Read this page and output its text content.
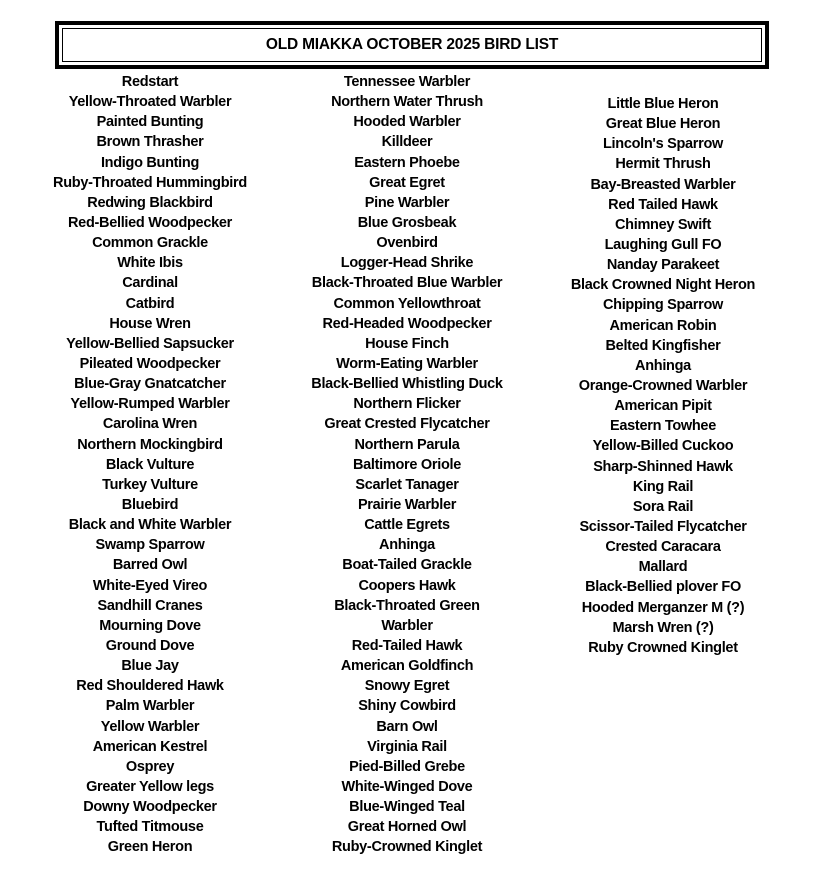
OLD MIAKKA OCTOBER 2025 BIRD LIST
Redstart
Yellow-Throated Warbler
Painted Bunting
Brown Thrasher
Indigo Bunting
Ruby-Throated Hummingbird
Redwing Blackbird
Red-Bellied Woodpecker
Common Grackle
White Ibis
Cardinal
Catbird
House Wren
Yellow-Bellied Sapsucker
Pileated Woodpecker
Blue-Gray Gnatcatcher
Yellow-Rumped Warbler
Carolina Wren
Northern Mockingbird
Black Vulture
Turkey Vulture
Bluebird
Black and White Warbler
Swamp Sparrow
Barred Owl
White-Eyed Vireo
Sandhill Cranes
Mourning Dove
Ground Dove
Blue Jay
Red Shouldered Hawk
Palm Warbler
Yellow Warbler
American Kestrel
Osprey
Greater Yellow legs
Downy Woodpecker
Tufted Titmouse
Green Heron
Tennessee Warbler
Northern Water Thrush
Hooded Warbler
Killdeer
Eastern Phoebe
Great Egret
Pine Warbler
Blue Grosbeak
Ovenbird
Logger-Head Shrike
Black-Throated Blue Warbler
Common Yellowthroat
Red-Headed Woodpecker
House Finch
Worm-Eating Warbler
Black-Bellied Whistling Duck
Northern Flicker
Great Crested Flycatcher
Northern Parula
Baltimore Oriole
Scarlet Tanager
Prairie Warbler
Cattle Egrets
Anhinga
Boat-Tailed Grackle
Coopers Hawk
Black-Throated Green
Warbler
Red-Tailed Hawk
American Goldfinch
Snowy Egret
Shiny Cowbird
Barn Owl
Virginia Rail
Pied-Billed Grebe
White-Winged Dove
Blue-Winged Teal
Great Horned Owl
Ruby-Crowned Kinglet
Little Blue Heron
Great Blue Heron
Lincoln's Sparrow
Hermit Thrush
Bay-Breasted Warbler
Red Tailed Hawk
Chimney Swift
Laughing Gull FO
Nanday Parakeet
Black Crowned Night Heron
Chipping Sparrow
American Robin
Belted Kingfisher
Anhinga
Orange-Crowned Warbler
American Pipit
Eastern Towhee
Yellow-Billed Cuckoo
Sharp-Shinned Hawk
King Rail
Sora Rail
Scissor-Tailed Flycatcher
Crested Caracara
Mallard
Black-Bellied plover FO
Hooded Merganzer M (?)
Marsh Wren (?)
Ruby Crowned Kinglet
